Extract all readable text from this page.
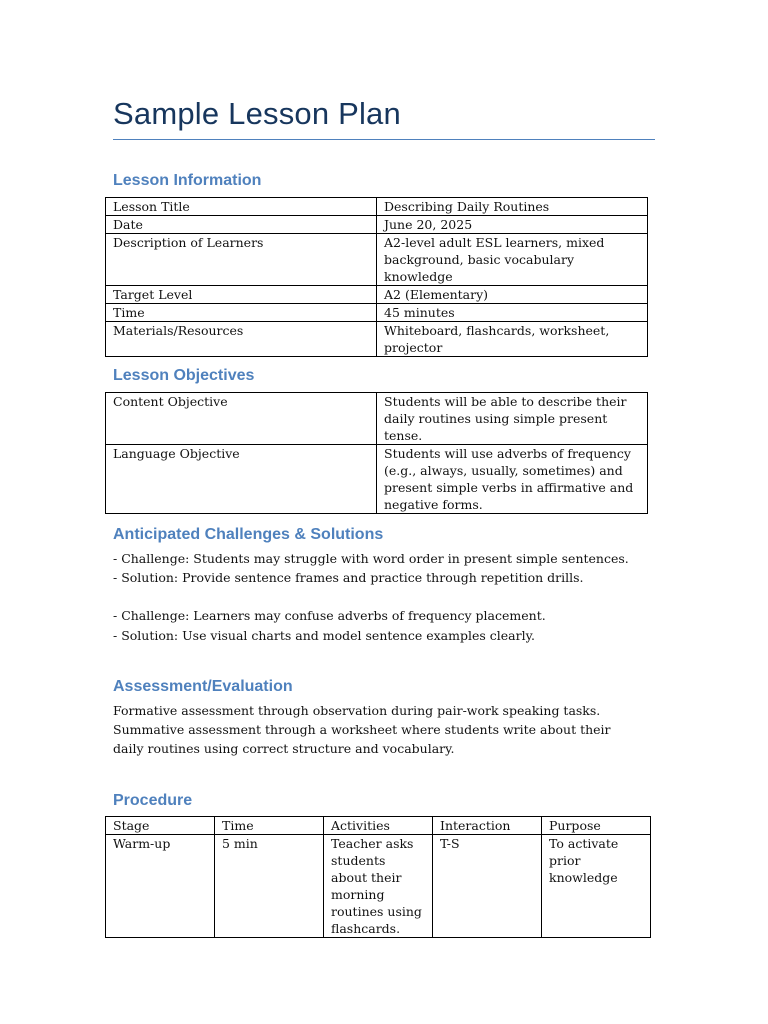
Sample Lesson Plan
Lesson Information
Lesson Title	Describing Daily Routines
Date	June 20, 2025
Description of Learners	A2-level adult ESL learners, mixed background, basic vocabulary knowledge
Target Level	A2 (Elementary)
Time	45 minutes
Materials/Resources	Whiteboard, flashcards, worksheet, projector
Lesson Objectives
Content Objective	Students will be able to describe their daily routines using simple present tense.
Language Objective	Students will use adverbs of frequency (e.g., always, usually, sometimes) and present simple verbs in affirmative and negative forms.
Anticipated Challenges & Solutions

- Challenge: Students may struggle with word order in present simple sentences.

- Solution: Provide sentence frames and practice through repetition drills.

- Challenge: Learners may confuse adverbs of frequency placement.

- Solution: Use visual charts and model sentence examples clearly.

Assessment/Evaluation

Formative assessment through observation during pair-work speaking tasks. Summative assessment through a worksheet where students write about their daily routines using correct structure and vocabulary.

Procedure
Stage	Time	Activities	Interaction	Purpose
Warm-up	5 min	Teacher asks students about their morning routines using flashcards.	T-S	To activate prior knowledge
